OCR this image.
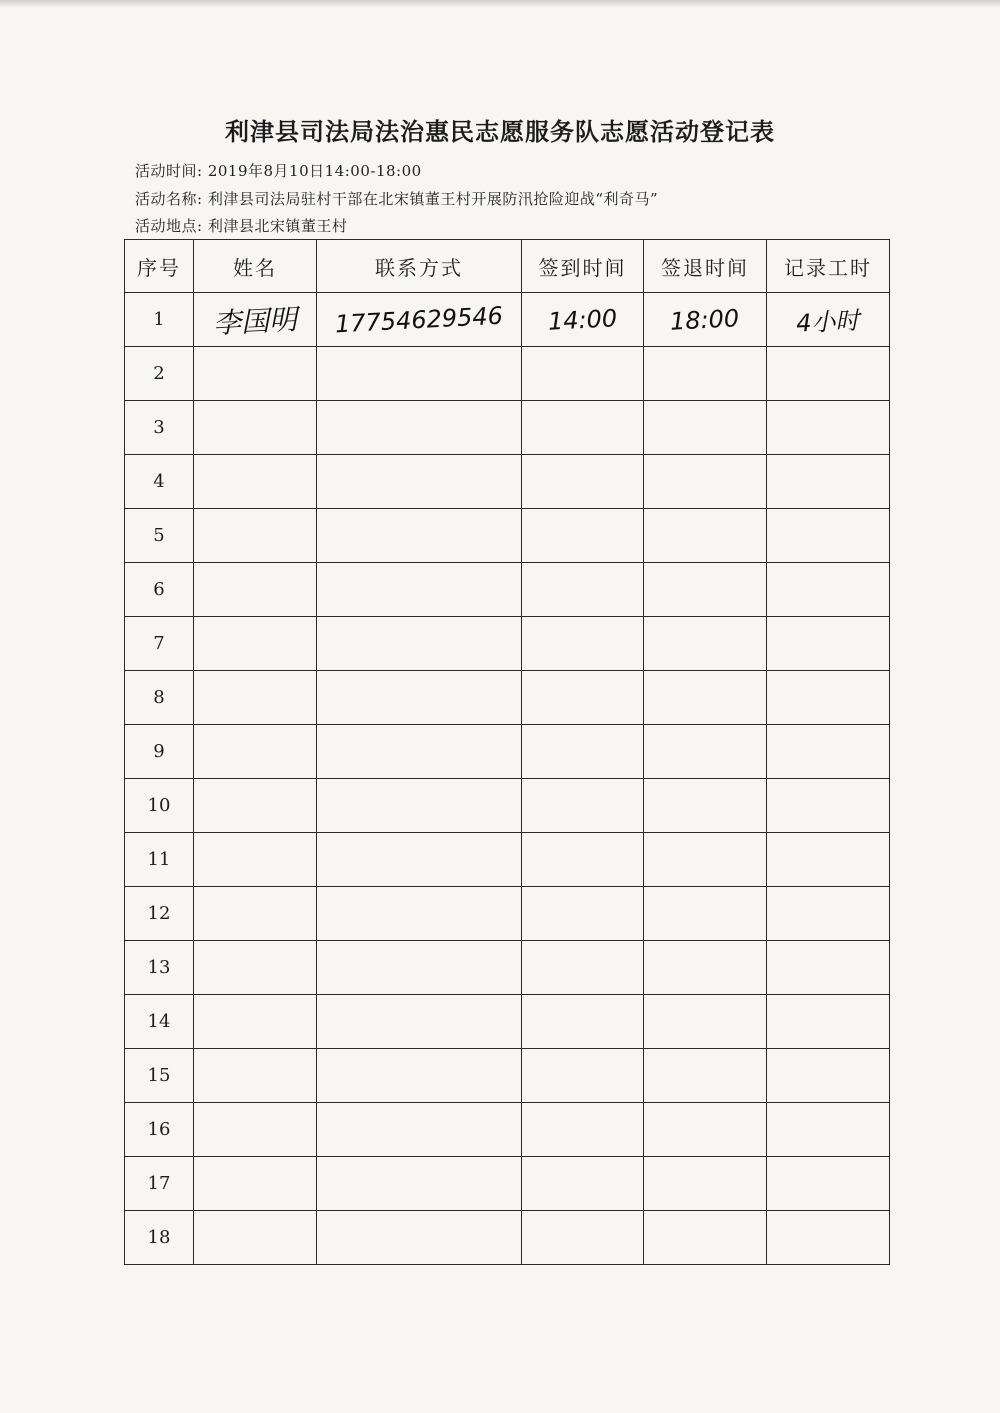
利津县司法局法治惠民志愿服务队志愿活动登记表
活动时间: 2019年8月10日14:00-18:00
活动名称: 利津县司法局驻村干部在北宋镇董王村开展防汛抢险迎战“利奇马”
活动地点: 利津县北宋镇董王村
序号	姓名	联系方式	签到时间	签退时间	记录工时
1	李国明	17754629546	14:00	18:00	4小时
2					
3					
4					
5					
6					
7					
8					
9					
10					
11					
12					
13					
14					
15					
16					
17					
18					
